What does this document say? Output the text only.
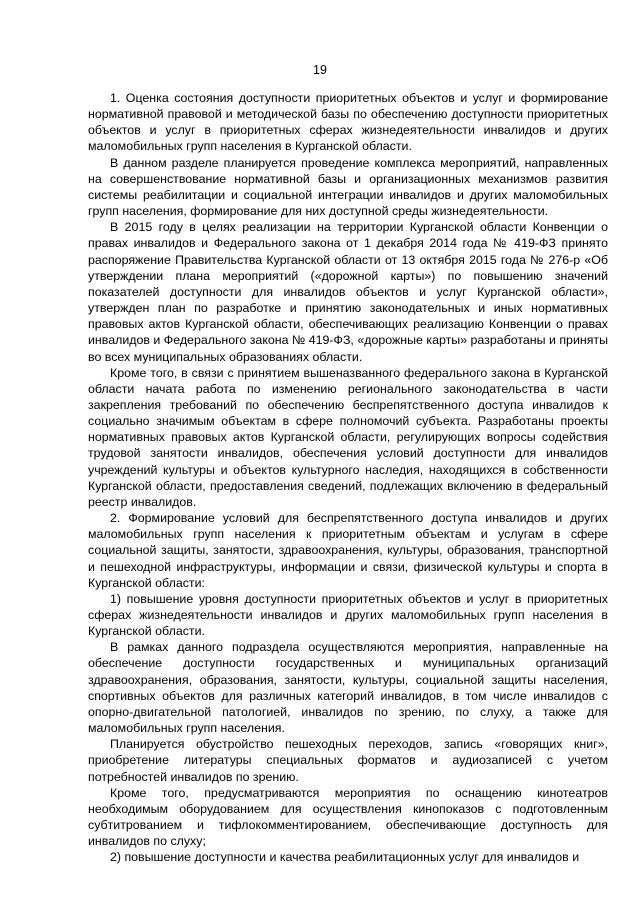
19

1. Оценка состояния доступности приоритетных объектов и услуг и формирование нормативной правовой и методической базы по обеспечению доступности приоритетных объектов и услуг в приоритетных сферах жизнедеятельности инвалидов и других маломобильных групп населения в Курганской области.

В данном разделе планируется проведение комплекса мероприятий, направленных на совершенствование нормативной базы и организационных механизмов развития системы реабилитации и социальной интеграции инвалидов и других маломобильных групп населения, формирование для них доступной среды жизнедеятельности.

В 2015 году в целях реализации на территории Курганской области Конвенции о правах инвалидов и Федерального закона от 1 декабря 2014 года № 419-ФЗ принято распоряжение Правительства Курганской области от 13 октября 2015 года № 276-р «Об утверждении плана мероприятий («дорожной карты») по повышению значений показателей доступности для инвалидов объектов и услуг Курганской области», утвержден план по разработке и принятию законодательных и иных нормативных правовых актов Курганской области, обеспечивающих реализацию Конвенции о правах инвалидов и Федерального закона № 419-ФЗ, «дорожные карты» разработаны и приняты во всех муниципальных образованиях области.

Кроме того, в связи с принятием вышеназванного федерального закона в Курганской области начата работа по изменению регионального законодательства в части закрепления требований по обеспечению беспрепятственного доступа инвалидов к социально значимым объектам в сфере полномочий субъекта. Разработаны проекты нормативных правовых актов Курганской области, регулирующих вопросы содействия трудовой занятости инвалидов, обеспечения условий доступности для инвалидов учреждений культуры и объектов культурного наследия, находящихся в собственности Курганской области, предоставления сведений, подлежащих включению в федеральный реестр инвалидов.

2. Формирование условий для беспрепятственного доступа инвалидов и других маломобильных групп населения к приоритетным объектам и услугам в сфере социальной защиты, занятости, здравоохранения, культуры, образования, транспортной и пешеходной инфраструктуры, информации и связи, физической культуры и спорта в Курганской области:

1) повышение уровня доступности приоритетных объектов и услуг в приоритетных сферах жизнедеятельности инвалидов и других маломобильных групп населения в Курганской области.

В рамках данного подраздела осуществляются мероприятия, направленные на обеспечение доступности государственных и муниципальных организаций здравоохранения, образования, занятости, культуры, социальной защиты населения, спортивных объектов для различных категорий инвалидов, в том числе инвалидов с опорно-двигательной патологией, инвалидов по зрению, по слуху, а также для маломобильных групп населения.

Планируется обустройство пешеходных переходов, запись «говорящих книг», приобретение литературы специальных форматов и аудиозаписей с учетом потребностей инвалидов по зрению.

Кроме того, предусматриваются мероприятия по оснащению кинотеатров необходимым оборудованием для осуществления кинопоказов с подготовленным субтитрованием и тифлокомментированием, обеспечивающие доступность для инвалидов по слуху;

2) повышение доступности и качества реабилитационных услуг для инвалидов и
